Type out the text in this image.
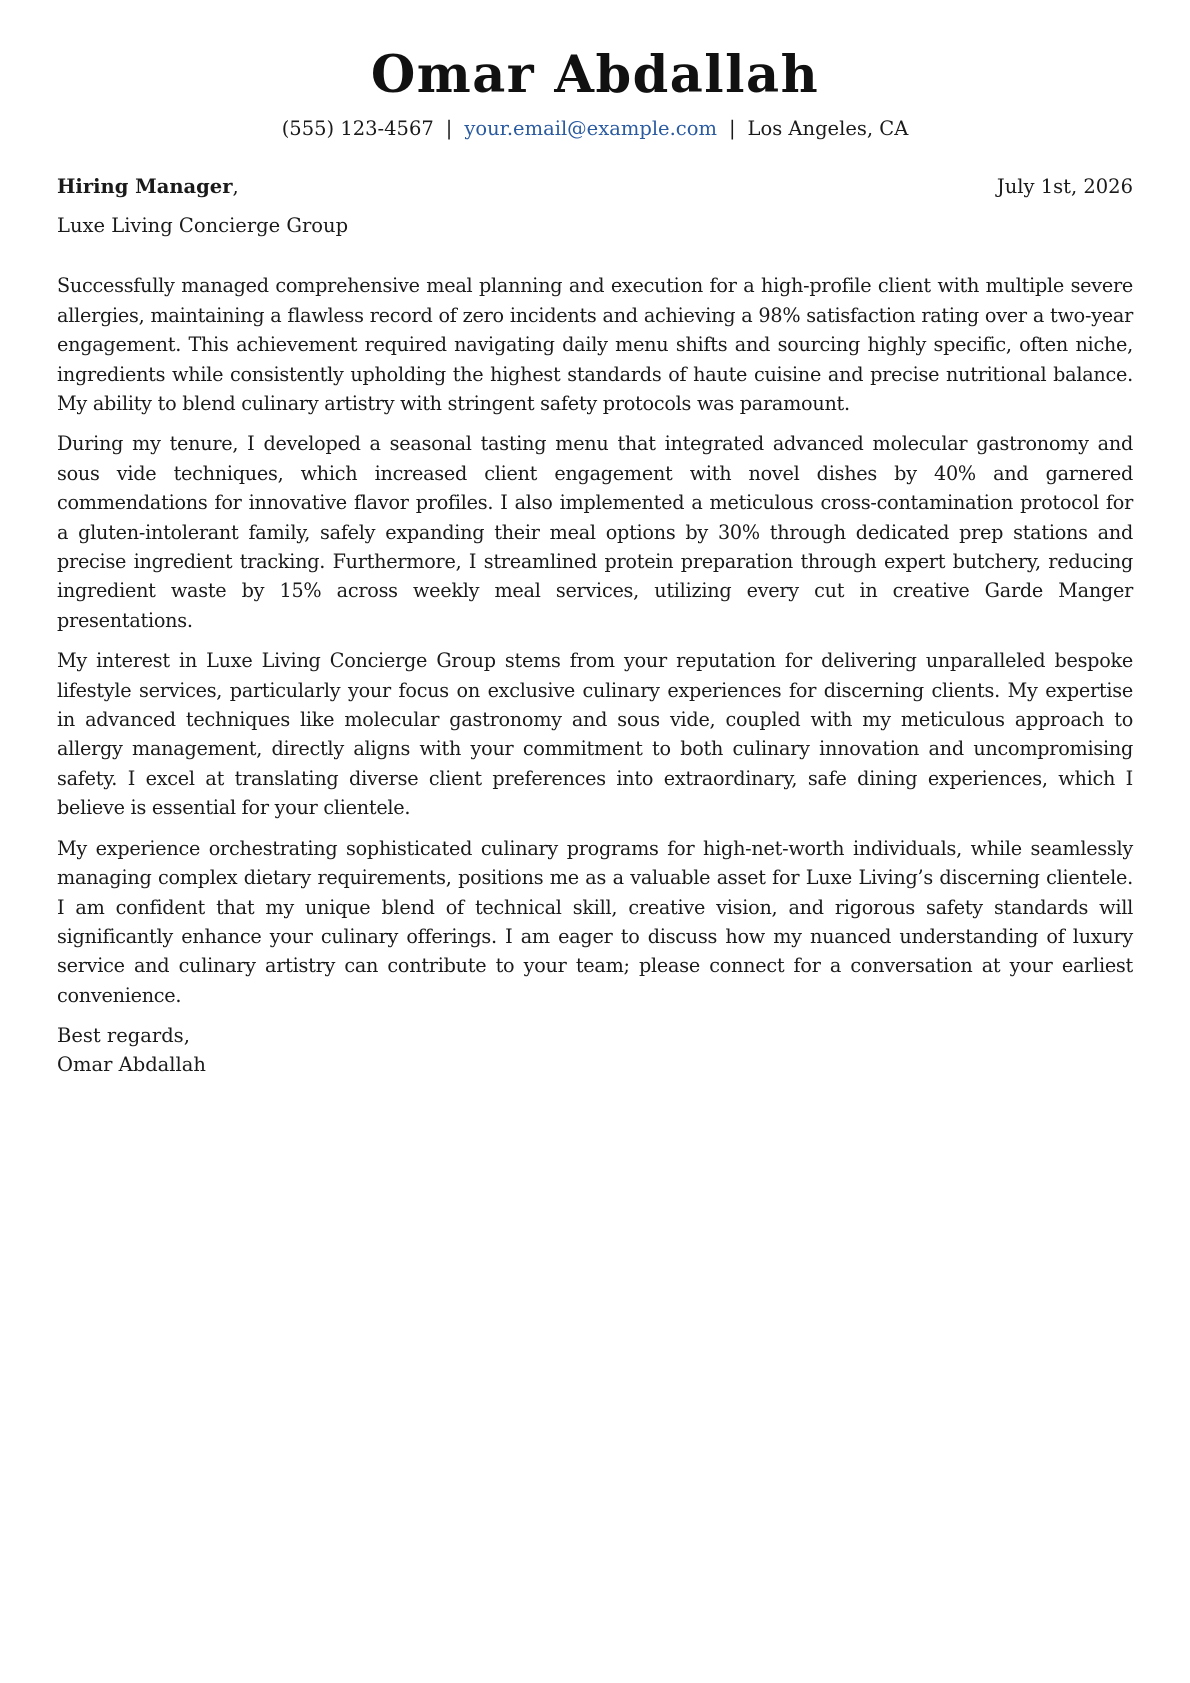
Omar Abdallah
(555) 123-4567 | your.email@example.com | Los Angeles, CA
Hiring Manager,	July 1st, 2026
Luxe Living Concierge Group

Successfully managed comprehensive meal planning and execution for a high-profile client with multiple severe allergies, maintaining a flawless record of zero incidents and achieving a 98% satisfaction rating over a two-year engagement. This achievement required navigating daily menu shifts and sourcing highly specific, often niche, ingredients while consistently upholding the highest standards of haute cuisine and precise nutritional balance. My ability to blend culinary artistry with stringent safety protocols was paramount.

During my tenure, I developed a seasonal tasting menu that integrated advanced molecular gastronomy and sous vide techniques, which increased client engagement with novel dishes by 40% and garnered commendations for innovative flavor profiles. I also implemented a meticulous cross-contamination protocol for a gluten-intolerant family, safely expanding their meal options by 30% through dedicated prep stations and precise ingredient tracking. Furthermore, I streamlined protein preparation through expert butchery, reducing ingredient waste by 15% across weekly meal services, utilizing every cut in creative Garde Manger presentations.

My interest in Luxe Living Concierge Group stems from your reputation for delivering unparalleled bespoke lifestyle services, particularly your focus on exclusive culinary experiences for discerning clients. My expertise in advanced techniques like molecular gastronomy and sous vide, coupled with my meticulous approach to allergy management, directly aligns with your commitment to both culinary innovation and uncompromising safety. I excel at translating diverse client preferences into extraordinary, safe dining experiences, which I believe is essential for your clientele.

My experience orchestrating sophisticated culinary programs for high-net-worth individuals, while seamlessly managing complex dietary requirements, positions me as a valuable asset for Luxe Living’s discerning clientele. I am confident that my unique blend of technical skill, creative vision, and rigorous safety standards will significantly enhance your culinary offerings. I am eager to discuss how my nuanced understanding of luxury service and culinary artistry can contribute to your team; please connect for a conversation at your earliest convenience.

Best regards,
Omar Abdallah
